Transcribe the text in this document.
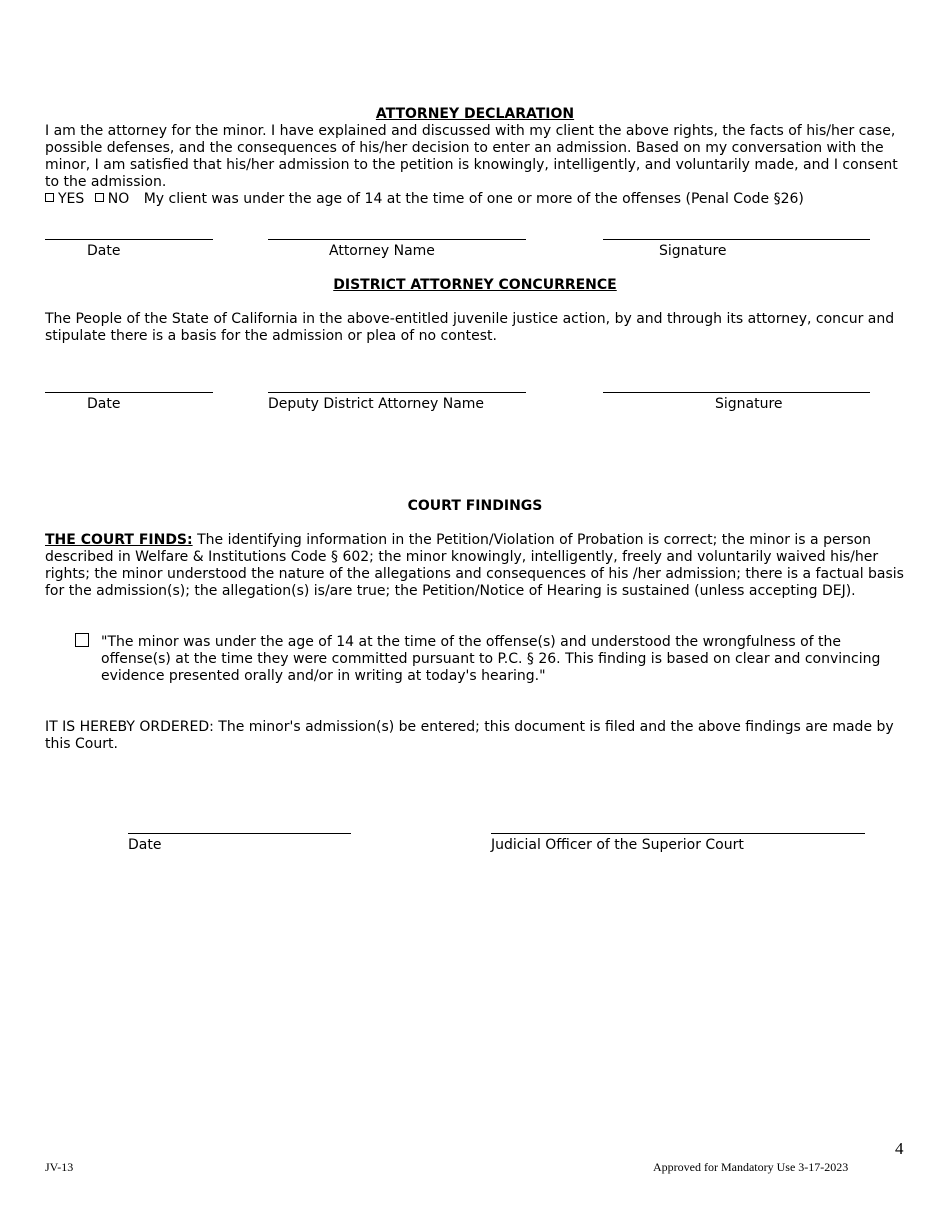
ATTORNEY DECLARATION
I am the attorney for the minor. I have explained and discussed with my client the above rights, the facts of his/her case, possible defenses, and the consequences of his/her decision to enter an admission. Based on my conversation with the minor, I am satisfied that his/her admission to the petition is knowingly, intelligently, and voluntarily made, and I consent to the admission.
YES NO My client was under the age of 14 at the time of one or more of the offenses (Penal Code §26)
Date	Attorney Name	Signature
DISTRICT ATTORNEY CONCURRENCE
The People of the State of California in the above-entitled juvenile justice action, by and through its attorney, concur and stipulate there is a basis for the admission or plea of no contest.
Date	Deputy District Attorney Name	Signature
COURT FINDINGS
THE COURT FINDS: The identifying information in the Petition/Violation of Probation is correct; the minor is a person described in Welfare & Institutions Code § 602; the minor knowingly, intelligently, freely and voluntarily waived his/her rights; the minor understood the nature of the allegations and consequences of his /her admission; there is a factual basis for the admission(s); the allegation(s) is/are true; the Petition/Notice of Hearing is sustained (unless accepting DEJ).
"The minor was under the age of 14 at the time of the offense(s) and understood the wrongfulness of the offense(s) at the time they were committed pursuant to P.C. § 26. This finding is based on clear and convincing evidence presented orally and/or in writing at today's hearing."
IT IS HEREBY ORDERED: The minor's admission(s) be entered; this document is filed and the above findings are made by this Court.
Date	Judicial Officer of the Superior Court
4
JV-13	Approved for Mandatory Use 3-17-2023
